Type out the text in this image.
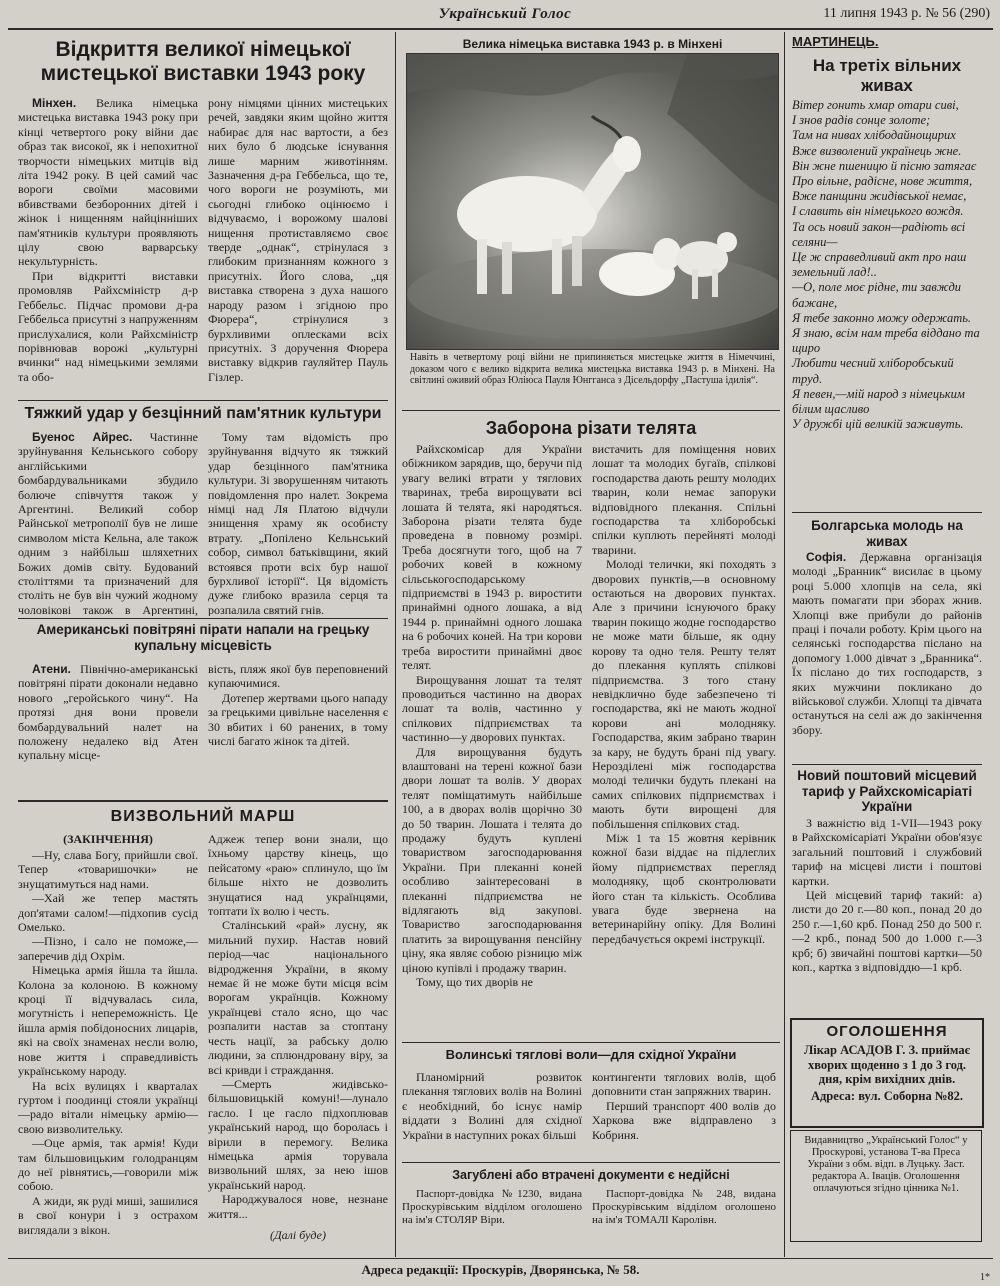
Український Голос	11 липня 1943 р. № 56 (290)
Відкриття великої німецької мистецької виставки 1943 року

Мінхен. Велика німецька мистецька виставка 1943 року при кінці четвертого року війни дає образ так високої, як і непохитної творчости німецьких митців від літа 1942 року. В цей самий час вороги своїми масовими вбивствами безборонних дітей і жінок і нищенням найцінніших пам'ятників культури проявляють цілу свою варварську некультурність.

При відкритті виставки промовляв Райхсміністр д-р Геббельс. Підчас промови д-ра Геббельса присутні з напруженням прислухалися, коли Райхсміністр порівнював ворожі „культурні вчинки“ над німецькими землями та обо-

рону німцями цінних мистецьких речей, завдяки яким щойно життя набирає для нас вартости, а без них було б людське існування лише марним животінням. Зазначення д-ра Геббельса, що те, чого вороги не розуміють, ми сьогодні глибоко оцінюємо і відчуваємо, і ворожому шалові нищення протиставляємо своє тверде „однак“, стрінулася з глибоким признанням кожного з присутніх. Його слова, „ця виставка створена з духа нашого народу разом і згідною про Фюрера“, стрінулися з бурхливими оплесками всіх присутніх. З доручення Фюрера виставку відкрив гауляйтер Пауль Гізлер.

Тяжкий удар у безцінний пам'ятник культури

Буенос Айрес. Частинне зруйнування Кельнського собору англійськими бомбардувальниками збудило болюче співчуття також у Аргентині. Великий собор Райнської метрополії був не лише символом міста Кельна, але також одним з найбільш шляхетних Божих домів світу. Будований століттями та призначений для століть не був він чужий жодному чоловікові також в Аргентині,

Тому там відомість про зруйнування відчуто як тяжкий удар безцінного пам'ятника культури. Зі зворушенням читають повідомлення про налет. Зокрема німці над Ля Платою відчули знищення храму як особисту втрату. „Попілено Кельнський собор, символ батьківщини, який встоявся проти всіх бур нашої бурхливої історії“. Ця відомість дуже глибоко вразила серця та розпалила святий гнів.

Американські повітряні пірати напали на грецьку купальну місцевість

Атени. Північно-американські повітряні пірати доконали недавно нового „геройського чину“. На протязі дня вони провели бомбардувальний налет на положену недалеко від Атен купальну місце-

вість, пляж якої був переповнений купаючимися.

Дотепер жертвами цього нападу за грецькими цивільне населення є 30 вбитих і 60 ранених, в тому числі багато жінок та дітей.

ВИЗВОЛЬНИЙ МАРШ
(ЗАКІНЧЕННЯ)

—Ну, слава Богу, прийшли свої. Тепер «товаришочки» не знущатимуться над нами.

—Хай же тепер мастять доп'ятами салом!—підхопив сусід Омелько.

—Пізно, і сало не поможе,—заперечив дід Охрім.

Німецька армія йшла та йшла. Колона за колоною. В кожному кроці її відчувалась сила, могутність і непереможність. Це йшла армія побідоносних лицарів, які на своїх знаменах несли волю, нове життя і справедливість українському народу.

На всіх вулицях і кварталах гуртом і поодинці стояли українці—радо вітали німецьку армію—свою визволительку.

—Оце армія, так армія! Куди там більшовицьким голодранцям до неї рівнятись,—говорили між собою.

А жиди, як руді миші, зашилися в свої конури і з острахом виглядали з вікон.

Аджеж тепер вони знали, що їхньому царству кінець, що пейсатому «раю» сплинуло, що їм більше ніхто не дозволить знущатися над українцями, топтати їх волю і честь.

Сталінський «рай» лусну, як мильний пухир. Настав новий період—час національного відродження України, в якому немає й не може бути місця всім ворогам українців. Кожному українцеві стало ясно, що час розпалити настав за стоптану честь нації, за рабську долю людини, за сплюндровану віру, за всі кривди і страждання.

—Смерть жидівсько-більшовицькій комуні!—лунало гасло. І це гасло підхоплював український народ, що боролась і вірили в перемогу. Велика німецька армія торувала визвольний шлях, за нею ішов український народ.

Народжувалося нове, незнане життя...

(Далі буде)
Велика німецька виставка 1943 р. в Мінхені
Навіть в четвертому році війни не припиняється мистецьке життя в Німеччині, доказом чого є велико відкрита велика мистецька виставка 1943 р. в Мінхені. На світлині оживий образ Юліюса Пауля Юнггансa з Дісельдорфу „Пастуша ідилія“.
Заборона різати телята

Райхскомісар для України обіжником зарядив, що, беручи під увагу великі втрати у тяглових тваринах, треба вирощувати всі лошата й телята, які народяться. Заборона різати телята буде проведена в повному розмірі. Треба досягнути того, щоб на 7 робочих ковей в кожному сільськогосподарському підприємстві в 1943 р. виростити принаймні одного лошака, а від 1944 р. принаймні одного лошака на 6 робочих коней. На три корови треба виростити принаймні двоє телят.

Вирощування лошат та телят проводиться частинно на дворах лошат та волів, частинно у спілкових підприємствах та частинно—у дворових пунктах.

Для вирощування будуть влаштовані на терені кожної бази двори лошат та волів. У дворах телят поміщатимуть найбільше 100, а в дворах волів щорічно 30 до 50 тварин. Лошата і телята до продажу будуть куплені товариством загосподарювання України. При плеканні коней особливо заінтересовані в плеканні підприємства не відлягають від закупові. Товариство загосподарювання платить за вирощування пенсійну ціну, яка являє собою різницю між ціною купівлі і продажу тварин.

Тому, що тих дворів не

вистачить для поміщення нових лошат та молодих бугаїв, спілкові господарства дають решту молодих тварин, коли немає запоруки відповідного плекання. Спільні господарства та хліборобські спілки куплють перейняті молоді тварини.

Молоді телички, які походять з дворових пунктів,—в основному остаються на дворових пунктах. Але з причини існуючого браку тварин покищо жодне господарство не може мати більше, як одну корову та одно теля. Решту телят до плекання куплять спілкові підприємства. З того стану невідклично буде забезпечено ті господарства, які не мають жодної корови ані молодняку. Господарства, яким забрано тварин за кару, не будуть брані під увагу. Нерозділені між господарства молоді телички будуть плекані на самих спілкових підприємствах і мають бути вирощені для побільшення спілкових стад.

Між 1 та 15 жовтня керівник кожної бази віддає на підлеглих йому підприємствах перегляд молодняку, щоб сконтролювати його стан та кількість. Особлива увага буде звернена на ветеринарійну опіку. Для Волині передбачується окремі інструкції.

Волинські тяглові воли—для східної України

Планомірний розвиток плекання тяглових волів на Волині є необхідний, бо існує намір віддати з Волині для східної України в наступних роках більші

контингенти тяглових волів, щоб доповнити стан запряжних тварин.

Перший транспорт 400 волів до Харкова вже відправлено з Кобриня.

Загублені або втрачені документи є недійсні

Паспорт-довідка №1230, видана Проскурівським відділом оголошено на ім'я СТОЛЯР Віри.

Паспорт-довідка № 248, видана Проскурівським відділом оголошено на ім'я ТОМАЛІ Каролівн.

МАРТИНЕЦЬ.
На третіх вільних живах
Вітер гонить хмар отари сиві,
І знов радів сонце золоте;
Там на нивах хлібодайнощирих
Вже визволений українець жне.
Він жне пшеницю й пісню затягає
Про вільне, радісне, нове життя,
Вже панщини жидівської немає,
І славить він німецького вождя.
Та ось новий закон—радіють всі селяни—
Це ж справедливий акт про наш земельний лад!..
—О, поле моє рідне, ти завжди бажане,
Я тебе законно можу одержать.
Я знаю, всім нам треба віддано та щиро
Любити чесний хліборобський труд.
Я певен,—мій народ з німецьким білим щасливо
У дружбі цій великій заживуть.
Болгарська молодь на живах

Софія. Державна організація молоді „Бранник“ висилає в цьому році 5.000 хлопців на села, які мають помагати при зборах жнив. Хлопці вже прибули до районів праці і почали роботу. Крім цього на селянські господарства післано на допомогу 1.000 дівчат з „Бранника“. Їх післано до тих господарств, з яких мужчини покликано до військової служби. Хлопці та дівчата остануться на селі аж до закінчення збору.

Новий поштовий місцевий тариф у Райхскомісаріаті України

З важністю від 1-VII—1943 року в Райхскомісаріаті України обов'язує загальний поштовий і службовий тариф на місцеві листи і поштові картки.

Цей місцевий тариф такий: а) листи до 20 г.—80 коп., понад 20 до 250 г.—1,60 крб. Понад 250 до 500 г.—2 крб., понад 500 до 1.000 г.—3 крб; б) звичайні поштові картки—50 коп., картка з відповіддю—1 крб.

ОГОЛОШЕННЯ
Лікар АСАДОВ Г. З. приймає хворих щоденно з 1 до 3 год. дня, крім вихідних днів.
Адреса: вул. Соборна №82.
Видавництво „Український Голос“ у Проскурові, установа Т-ва Преса України з обм. відп. в Луцьку. Заст. редактора А. Іваців. Оголошення оплачуються згідно цінника №1.
Адреса редакції: Проскурів, Дворянська, № 58.
1*
